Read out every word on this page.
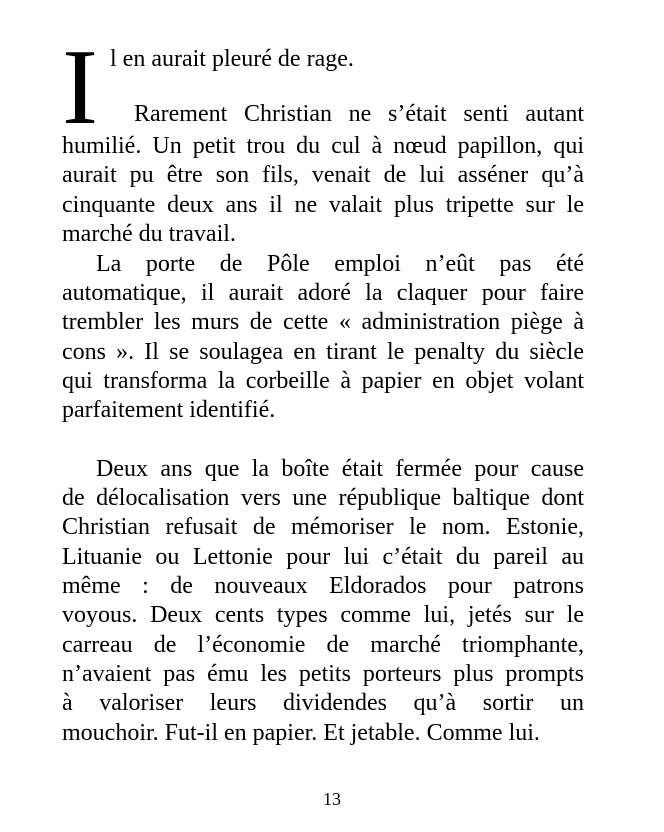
I l en aurait pleuré de rage.
Rarement Christian ne s’était senti autant
humilié. Un petit trou du cul à nœud papillon, qui
aurait pu être son fils, venait de lui asséner qu’à
cinquante deux ans il ne valait plus tripette sur le
marché du travail.
La porte de Pôle emploi n’eût pas été
automatique, il aurait adoré la claquer pour faire
trembler les murs de cette « administration piège à
cons ». Il se soulagea en tirant le penalty du siècle
qui transforma la corbeille à papier en objet volant
parfaitement identifié.
Deux ans que la boîte était fermée pour cause
de délocalisation vers une république baltique dont
Christian refusait de mémoriser le nom. Estonie,
Lituanie ou Lettonie pour lui c’était du pareil au
même : de nouveaux Eldorados pour patrons
voyous. Deux cents types comme lui, jetés sur le
carreau de l’économie de marché triomphante,
n’avaient pas ému les petits porteurs plus prompts
à valoriser leurs dividendes qu’à sortir un
mouchoir. Fut-il en papier. Et jetable. Comme lui.
13
